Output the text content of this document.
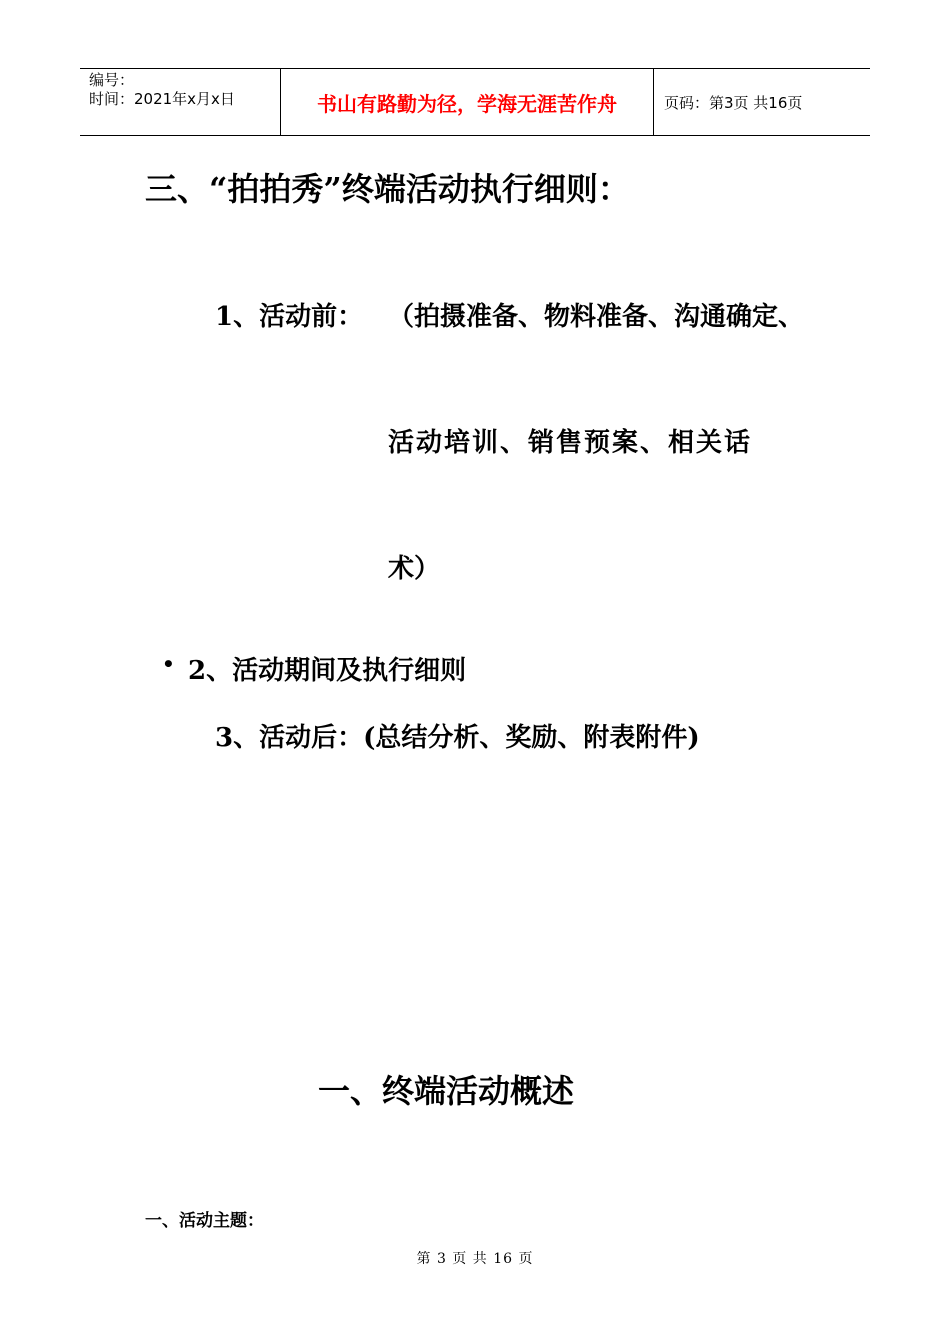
编号：
时间：2021年x月x日	书山有路勤为径，学海无涯苦作舟	页码：第3页 共16页
三、“拍拍秀”终端活动执行细则：
1、活动前： （拍摄准备、物料准备、沟通确定、
活动培训、销售预案、相关话
术）
• 2、活动期间及执行细则
3、活动后：(总结分析、奖励、附表附件)
一、终端活动概述
一、活动主题：
第 3 页 共 16 页
